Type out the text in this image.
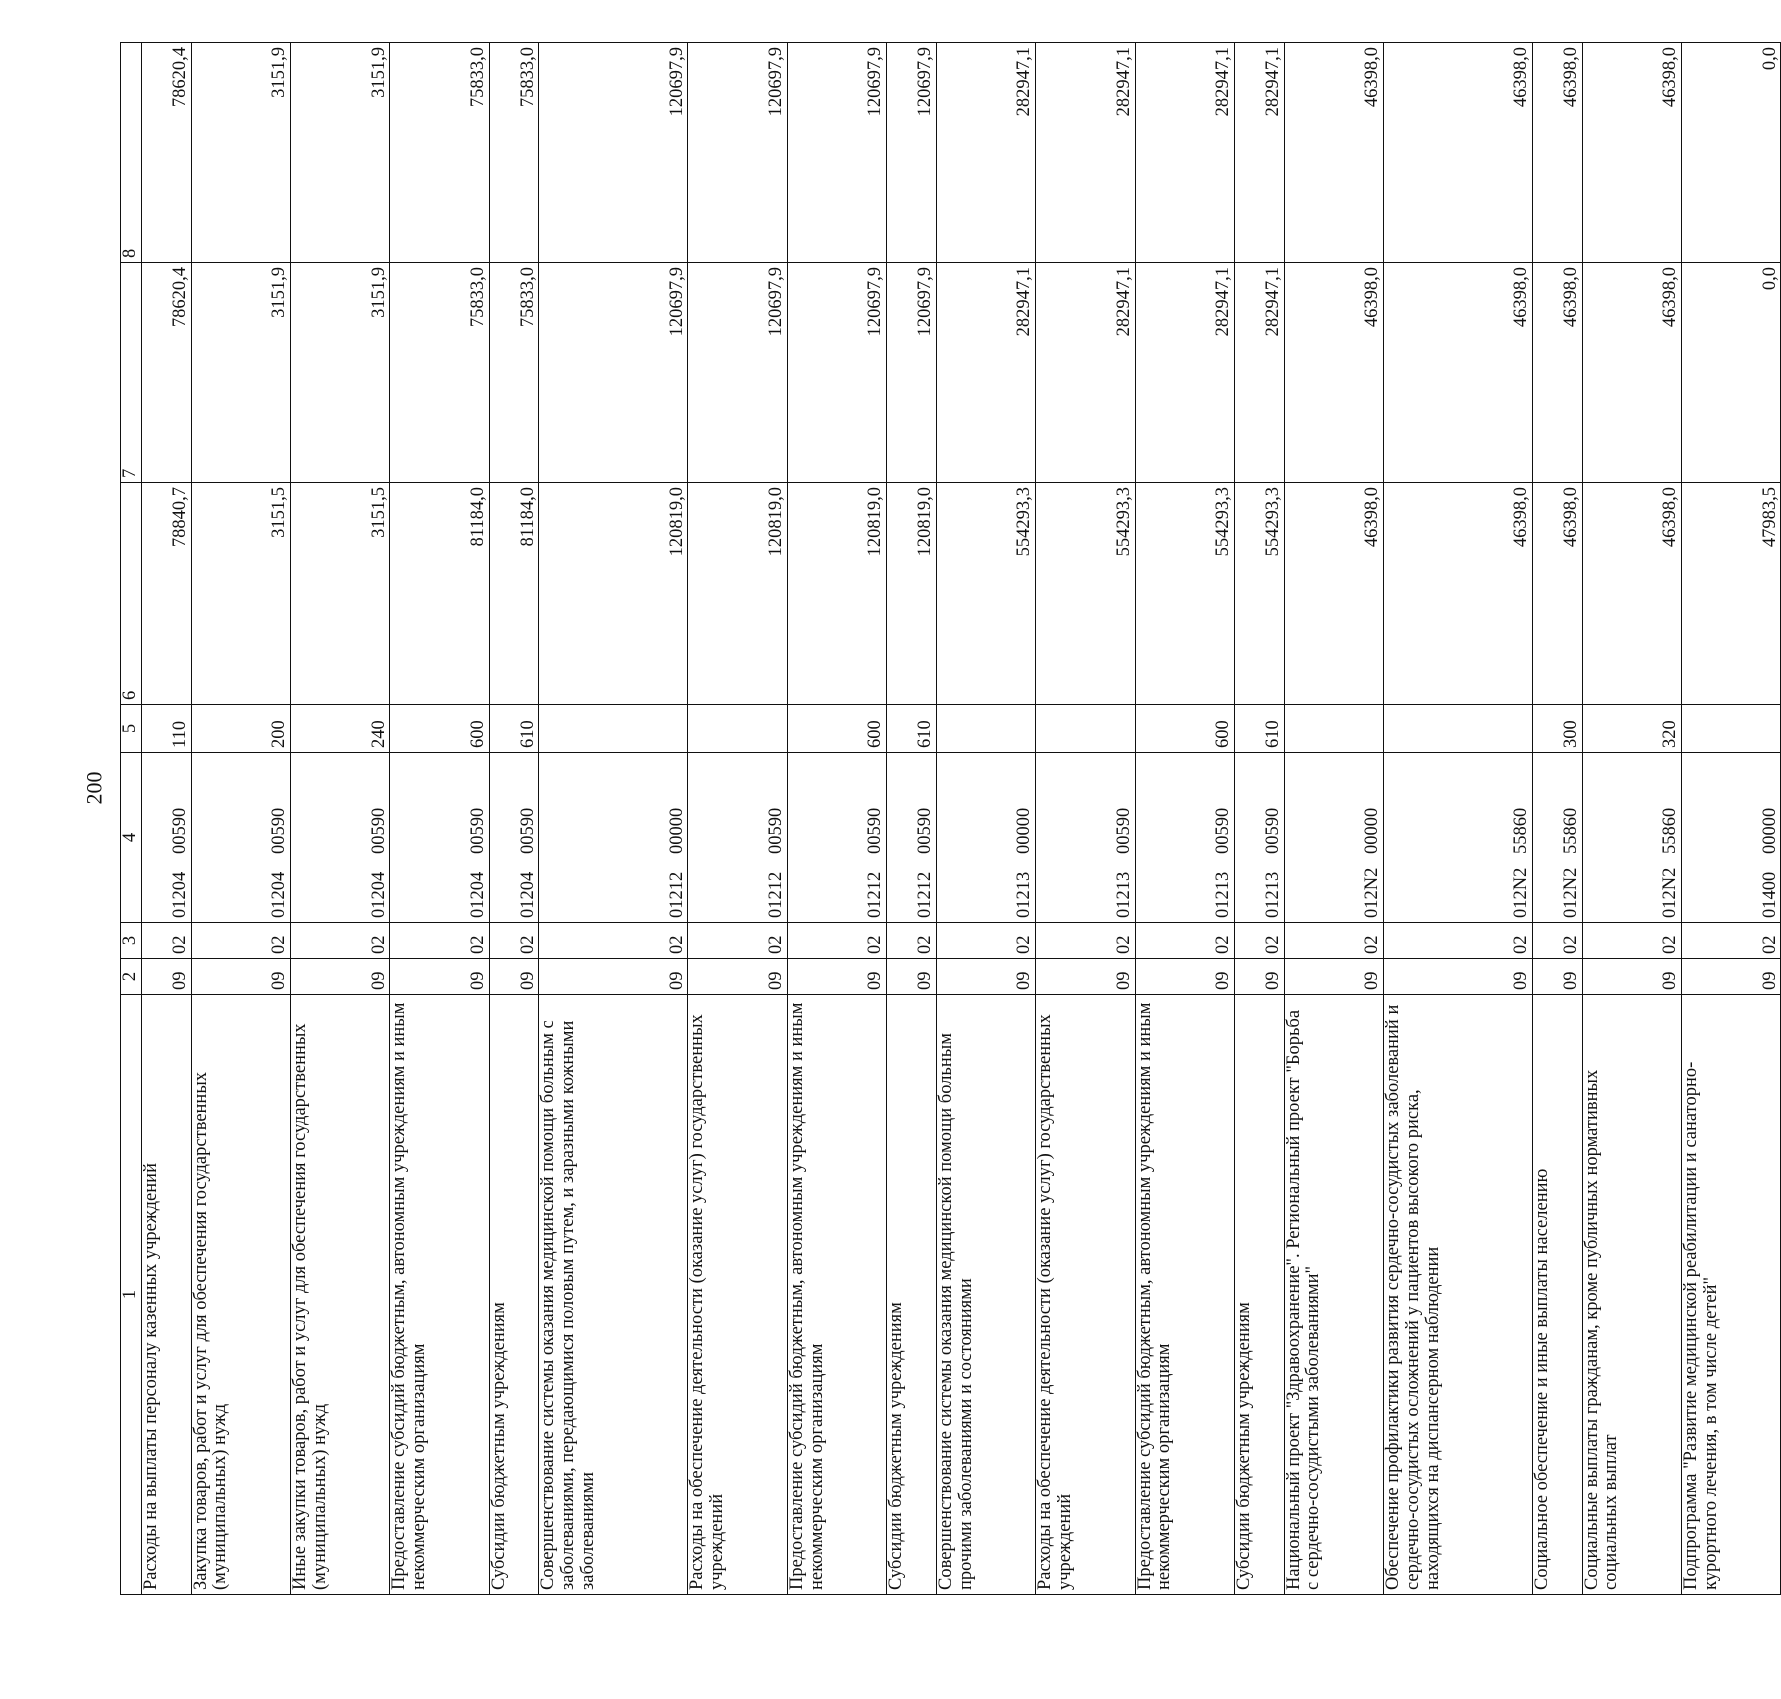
200
1	2	3	4	5	6	7	8
Расходы на выплаты персоналу казенных учреждений	09	02	0120400590	110	78840,7	78620,4	78620,4
Закупка товаров, работ и услуг для обеспечения государственных (муниципальных) нужд	09	02	0120400590	200	3151,5	3151,9	3151,9
Иные закупки товаров, работ и услуг для обеспечения государственных (муниципальных) нужд	09	02	0120400590	240	3151,5	3151,9	3151,9
Предоставление субсидий бюджетным, автономным учреждениям и иным некоммерческим организациям	09	02	0120400590	600	81184,0	75833,0	75833,0
Субсидии бюджетным учреждениям	09	02	0120400590	610	81184,0	75833,0	75833,0
Совершенствование системы оказания медицинской помощи больным с заболеваниями, передающимися половым путем, и заразными кожными заболеваниями	09	02	0121200000		120819,0	120697,9	120697,9
Расходы на обеспечение деятельности (оказание услуг) государственных учреждений	09	02	0121200590		120819,0	120697,9	120697,9
Предоставление субсидий бюджетным, автономным учреждениям и иным некоммерческим организациям	09	02	0121200590	600	120819,0	120697,9	120697,9
Субсидии бюджетным учреждениям	09	02	0121200590	610	120819,0	120697,9	120697,9
Совершенствование системы оказания медицинской помощи больным прочими заболеваниями и состояниями	09	02	0121300000		554293,3	282947,1	282947,1
Расходы на обеспечение деятельности (оказание услуг) государственных учреждений	09	02	0121300590		554293,3	282947,1	282947,1
Предоставление субсидий бюджетным, автономным учреждениям и иным некоммерческим организациям	09	02	0121300590	600	554293,3	282947,1	282947,1
Субсидии бюджетным учреждениям	09	02	0121300590	610	554293,3	282947,1	282947,1
Национальный проект "Здравоохранение". Региональный проект "Борьба с сердечно-сосудистыми заболеваниями"	09	02	012N200000		46398,0	46398,0	46398,0
Обеспечение профилактики развития сердечно-сосудистых заболеваний и сердечно-сосудистых осложнений у пациентов высокого риска, находящихся на диспансерном наблюдении	09	02	012N255860		46398,0	46398,0	46398,0
Социальное обеспечение и иные выплаты населению	09	02	012N255860	300	46398,0	46398,0	46398,0
Социальные выплаты гражданам, кроме публичных нормативных социальных выплат	09	02	012N255860	320	46398,0	46398,0	46398,0
Подпрограмма "Развитие медицинской реабилитации и санаторно-курортного лечения, в том числе детей"	09	02	0140000000		47983,5	0,0	0,0
